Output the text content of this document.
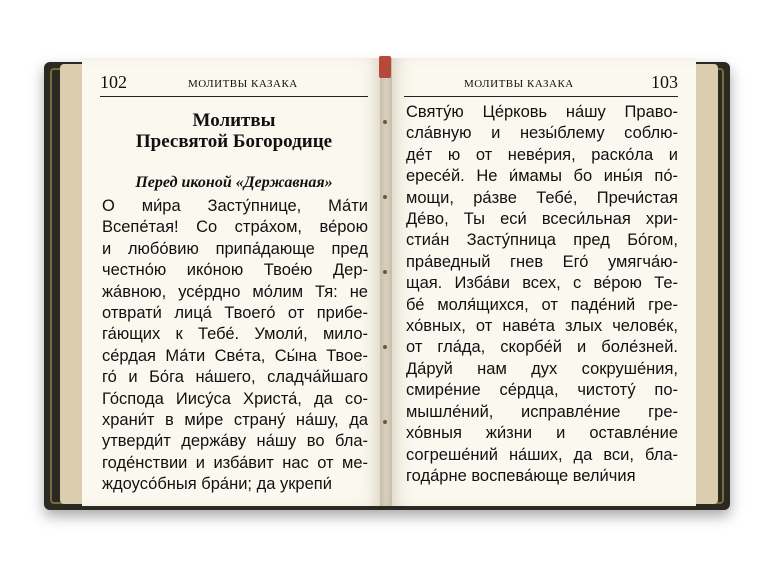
102	МОЛИТВЫ КАЗАКА
Молитвы
Пресвятой Богородице
Перед иконой «Державная»
О ми́ра Засту́пнице, Ма́ти
Всепе́тая! Со стра́хом, ве́рою
и любо́вию припа́дающе пред
честно́ю ико́ною Твое́ю Дер-
жа́вною, усе́рдно мо́лим Тя: не
отврати́ лица́ Твоего́ от прибе-
га́ющих к Тебе́. Умоли́, мило-
се́рдая Ма́ти Све́та, Сы́на Твое-
го́ и Бо́га на́шего, сладча́йшаго
Го́спода Иису́са Христа́, да со-
храни́т в ми́ре страну́ на́шу, да
утверди́т держа́ву на́шу во бла-
годе́нствии и изба́вит нас от ме-
ждоусо́бныя бра́ни; да укрепи́
МОЛИТВЫ КАЗАКА	103
Святу́ю Це́рковь на́шу Право-
сла́вную и незы́блему соблю-
де́т ю от неве́рия, раско́ла и
ересе́й. Не и́мамы бо ины́я по́-
мощи, ра́зве Тебе́, Пречи́стая
Де́во, Ты еси́ всеси́льная хри-
стиа́н Засту́пница пред Бо́гом,
пра́ведный гнев Его́ умягча́ю-
щая. Изба́ви всех, с ве́рою Те-
бе́ моля́щихся, от паде́ний гре-
хо́вных, от наве́та злых челове́к,
от гла́да, скорбе́й и боле́зней.
Да́руй нам дух сокруше́ния,
смире́ние се́рдца, чистоту́ по-
мышле́ний, исправле́ние гре-
хо́вныя жи́зни и оставле́ние
согреше́ний на́ших, да вси, бла-
года́рне воспева́юще вели́чия
